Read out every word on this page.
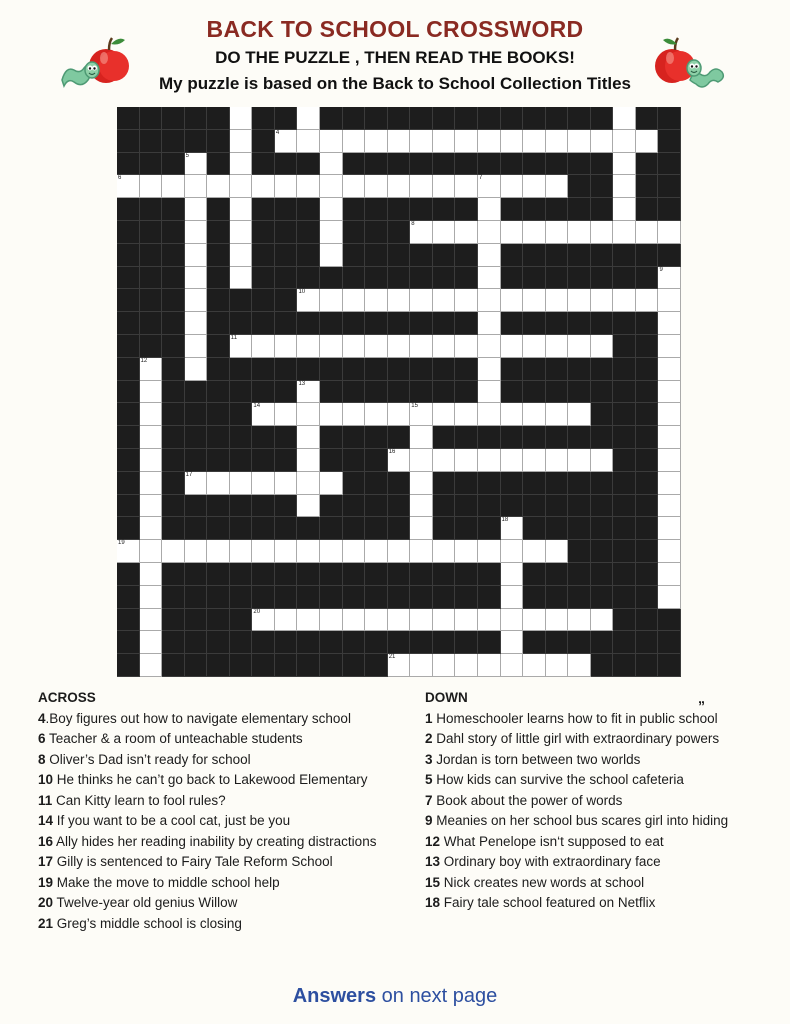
BACK TO SCHOOL CROSSWORD
DO THE PUZZLE , THEN READ THE BOOKS!
My puzzle is based on the Back to School Collection Titles
4
5
6	7
8
9
10
11
12
13
14	15
16
17
18
19
20
21
ACROSS
4.Boy figures out how to navigate elementary school
6 Teacher & a room of unteachable students
8 Oliver’s Dad isn’t ready for school
10 He thinks he can’t go back to Lakewood Elementary
11 Can Kitty learn to fool rules?
14 If you want to be a cool cat, just be you
16 Ally hides her reading inability by creating distractions
17 Gilly is sentenced to Fairy Tale Reform School
19 Make the move to middle school help
20 Twelve-year old genius Willow
21 Greg’s middle school is closing
„
DOWN
1 Homeschooler learns how to fit in public school
2 Dahl story of little girl with extraordinary powers
3 Jordan is torn between two worlds
5 How kids can survive the school cafeteria
7 Book about the power of words
9 Meanies on her school bus scares girl into hiding
12 What Penelope isn‘t supposed to eat
13 Ordinary boy with extraordinary face
15 Nick creates new words at school
18 Fairy tale school featured on Netflix
Answers on next page
